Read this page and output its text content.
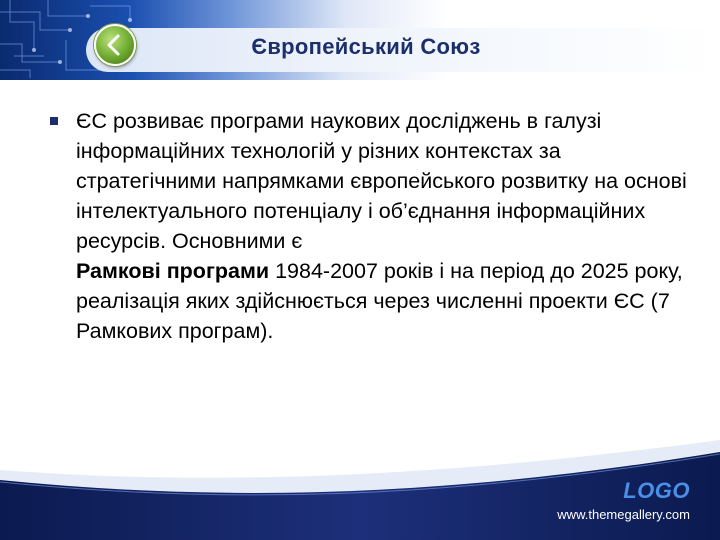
Європейський Союз
ЄС розвиває програми наукових досліджень в галузі інформаційних технологій у різних контекстах за стратегічними напрямками європейського розвитку на основі інтелектуального потенціалу і об’єднання інформаційних ресурсів. Основними є
Рамкові програми 1984-2007 років і на період до 2025 року, реалізація яких здійснюється через численні проекти ЄС (7 Рамкових програм).
LOGO
www.themegallery.com
